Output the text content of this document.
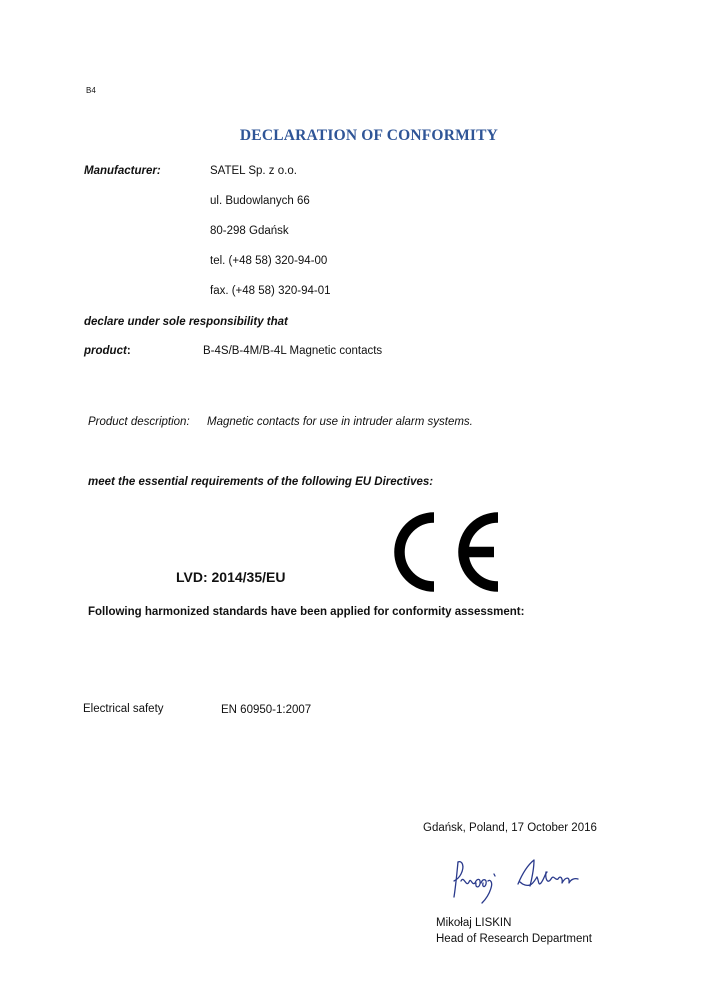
B4
DECLARATION OF CONFORMITY
Manufacturer:	SATEL Sp. z o.o.
ul. Budowlanych 66
80-298 Gdańsk
tel. (+48 58) 320-94-00
fax. (+48 58) 320-94-01
declare under sole responsibility that
product:	B-4S/B-4M/B-4L Magnetic contacts
Product description: Magnetic contacts for use in intruder alarm systems.
meet the essential requirements of the following EU Directives:
LVD: 2014/35/EU
Following harmonized standards have been applied for conformity assessment:
Electrical safety	EN 60950-1:2007
Gdańsk, Poland, 17 October 2016
Mikołaj LISKIN
Head of Research Department
